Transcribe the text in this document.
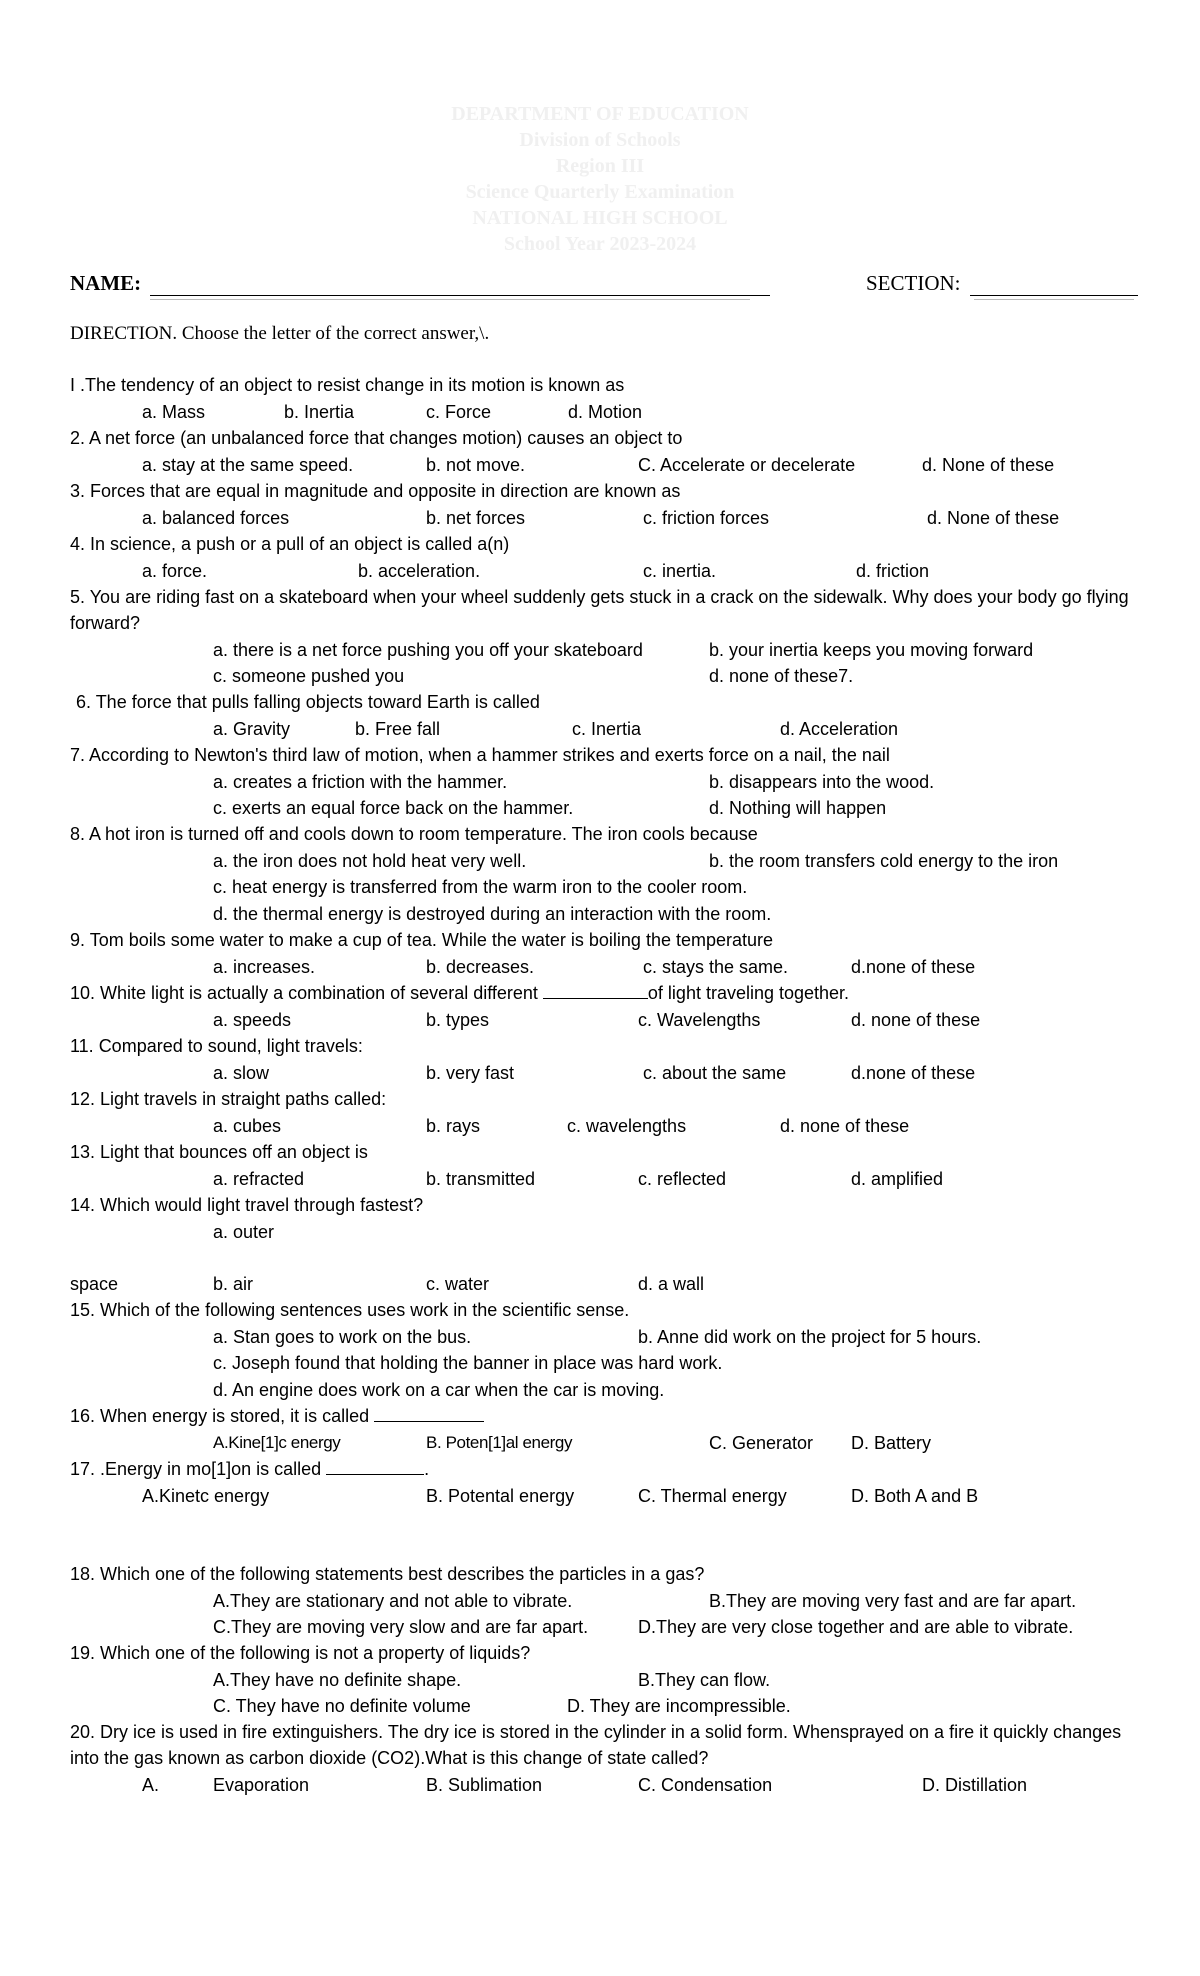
DEPARTMENT OF EDUCATION
Division of Schools
Region III
Science Quarterly Examination
NATIONAL HIGH SCHOOL
School Year 2023-2024
NAME:	SECTION:
DIRECTION. Choose the letter of the correct answer,\.
I .The tendency of an object to resist change in its motion is known as
a. Mass	b. Inertia	c. Force	d. Motion
2. A net force (an unbalanced force that changes motion) causes an object to
a. stay at the same speed.	b. not move.	C. Accelerate or decelerate	d. None of these
3. Forces that are equal in magnitude and opposite in direction are known as
a. balanced forces	b. net forces	c. friction forces	d. None of these
4. In science, a push or a pull of an object is called a(n)
a. force.	b. acceleration.	c. inertia.	d. friction
5. You are riding fast on a skateboard when your wheel suddenly gets stuck in a crack on the sidewalk. Why does your body go flying forward?
a. there is a net force pushing you off your skateboard	b. your inertia keeps you moving forward
c. someone pushed you	d. none of these7.
6. The force that pulls falling objects toward Earth is called
a. Gravity	b. Free fall	c. Inertia	d. Acceleration
7. According to Newton's third law of motion, when a hammer strikes and exerts force on a nail, the nail
a. creates a friction with the hammer.	b. disappears into the wood.
c. exerts an equal force back on the hammer.	d. Nothing will happen
8. A hot iron is turned off and cools down to room temperature. The iron cools because
a. the iron does not hold heat very well.	b. the room transfers cold energy to the iron
c. heat energy is transferred from the warm iron to the cooler room.
d. the thermal energy is destroyed during an interaction with the room.
9. Tom boils some water to make a cup of tea. While the water is boiling the temperature
a. increases.	b. decreases.	c. stays the same.	d.none of these
10. White light is actually a combination of several different	of light traveling together.
a. speeds	b. types	c. Wavelengths	d. none of these
11. Compared to sound, light travels:
a. slow	b. very fast	c. about the same	d.none of these
12. Light travels in straight paths called:
a. cubes	b. rays	c. wavelengths	d. none of these
13. Light that bounces off an object is
a. refracted	b. transmitted	c. reflected	d. amplified
14. Which would light travel through fastest?
a. outer
space	b. air	c. water	d. a wall
15. Which of the following sentences uses work in the scientific sense.
a. Stan goes to work on the bus.	b. Anne did work on the project for 5 hours.
c. Joseph found that holding the banner in place was hard work.
d. An engine does work on a car when the car is moving.
16. When energy is stored, it is called
A.Kine[1]c energy	B. Poten[1]al energy	C. Generator D. Battery
17. .Energy in mo[1]on is called	.
A.Kinetc energy	B. Potental energy	C. Thermal energy	D. Both A and B
18. Which one of the following statements best describes the particles in a gas?
A.They are stationary and not able to vibrate.	B.They are moving very fast and are far apart.
C.They are moving very slow and are far apart.	D.They are very close together and are able to vibrate.
19. Which one of the following is not a property of liquids?
A.They have no definite shape.	B.They can flow.
C. They have no definite volume	D. They are incompressible.
20. Dry ice is used in fire extinguishers. The dry ice is stored in the cylinder in a solid form. Whensprayed on a fire it quickly changes into the gas known as carbon dioxide (CO2).What is this change of state called?
A.	Evaporation	B. Sublimation	C. Condensation	D. Distillation
